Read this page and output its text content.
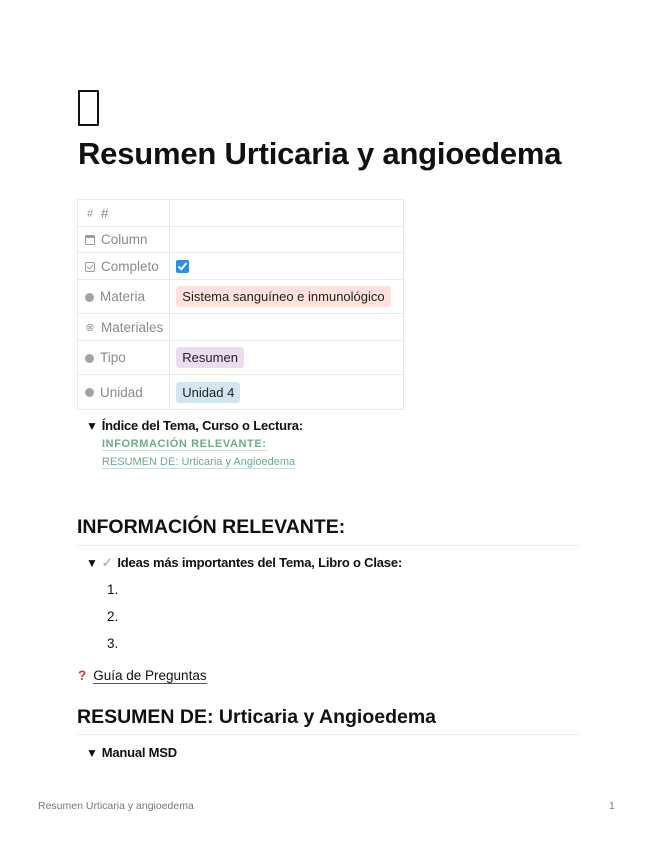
Resumen Urticaria y angioedema
# #	
Column	
Completo	
Materia	Sistema sanguíneo e inmunológico
⊗ Materiales	
Tipo	Resumen
Unidad	Unidad 4
▼ Índice del Tema, Curso o Lectura:
INFORMACIÓN RELEVANTE:
RESUMEN DE: Urticaria y Angioedema
INFORMACIÓN RELEVANTE:
▼ ✓ Ideas más importantes del Tema, Libro o Clase:
1.
2.
3.
? Guía de Preguntas
RESUMEN DE: Urticaria y Angioedema
▼ Manual MSD
Resumen Urticaria y angioedema	1
